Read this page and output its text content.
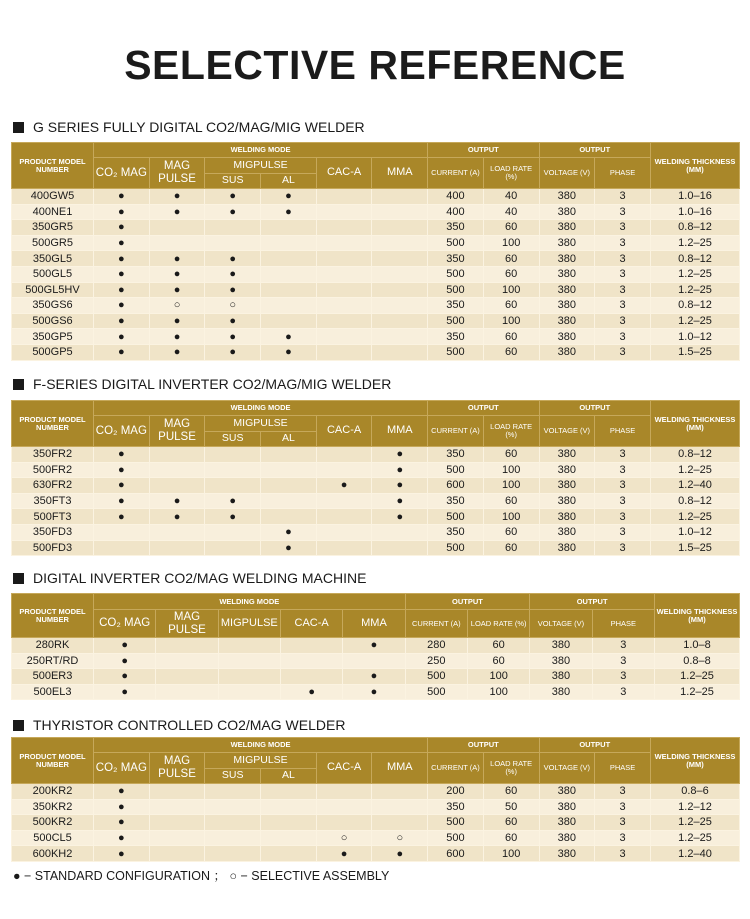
SELECTIVE REFERENCE
G SERIES FULLY DIGITAL CO2/MAG/MIG WELDER
PRODUCT MODEL NUMBER	WELDING MODE						OUTPUT		OUTPUT		WELDING THICKNESS (MM)
	CO₂ MAG	MAG PULSE	MIGPULSE		CAC-A	MMA	CURRENT (A)	LOAD RATE (%)	VOLTAGE (V)	PHASE	
			SUS	AL							
400GW5	●	●	●	●			400	40	380	3	1.0–16
400NE1	●	●	●	●			400	40	380	3	1.0–16
350GR5	●						350	60	380	3	0.8–12
500GR5	●						500	100	380	3	1.2–25
350GL5	●	●	●				350	60	380	3	0.8–12
500GL5	●	●	●				500	60	380	3	1.2–25
500GL5HV	●	●	●				500	100	380	3	1.2–25
350GS6	●	○	○				350	60	380	3	0.8–12
500GS6	●	●	●				500	100	380	3	1.2–25
350GP5	●	●	●	●			350	60	380	3	1.0–12
500GP5	●	●	●	●			500	60	380	3	1.5–25
F-SERIES DIGITAL INVERTER CO2/MAG/MIG WELDER
PRODUCT MODEL NUMBER	WELDING MODE						OUTPUT		OUTPUT		WELDING THICKNESS (MM)
	CO₂ MAG	MAG PULSE	MIGPULSE		CAC-A	MMA	CURRENT (A)	LOAD RATE (%)	VOLTAGE (V)	PHASE	
			SUS	AL							
350FR2	●					●	350	60	380	3	0.8–12
500FR2	●					●	500	100	380	3	1.2–25
630FR2	●				●	●	600	100	380	3	1.2–40
350FT3	●	●	●			●	350	60	380	3	0.8–12
500FT3	●	●	●			●	500	100	380	3	1.2–25
350FD3				●			350	60	380	3	1.0–12
500FD3				●			500	60	380	3	1.5–25
DIGITAL INVERTER CO2/MAG WELDING MACHINE
PRODUCT MODEL NUMBER	WELDING MODE					OUTPUT		OUTPUT		WELDING THICKNESS (MM)
	CO₂ MAG	MAG PULSE	MIGPULSE	CAC-A	MMA	CURRENT (A)	LOAD RATE (%)	VOLTAGE (V)	PHASE	
280RK	●				●	280	60	380	3	1.0–8
250RT/RD	●					250	60	380	3	0.8–8
500ER3	●				●	500	100	380	3	1.2–25
500EL3	●			●	●	500	100	380	3	1.2–25
THYRISTOR CONTROLLED CO2/MAG WELDER
PRODUCT MODEL NUMBER	WELDING MODE						OUTPUT		OUTPUT		WELDING THICKNESS (MM)
	CO₂ MAG	MAG PULSE	MIGPULSE		CAC-A	MMA	CURRENT (A)	LOAD RATE (%)	VOLTAGE (V)	PHASE	
			SUS	AL							
200KR2	●						200	60	380	3	0.8–6
350KR2	●						350	50	380	3	1.2–12
500KR2	●						500	60	380	3	1.2–25
500CL5	●				○	○	500	60	380	3	1.2–25
600KH2	●				●	●	600	100	380	3	1.2–40
● − STANDARD CONFIGURATION ； ○ − SELECTIVE ASSEMBLY
